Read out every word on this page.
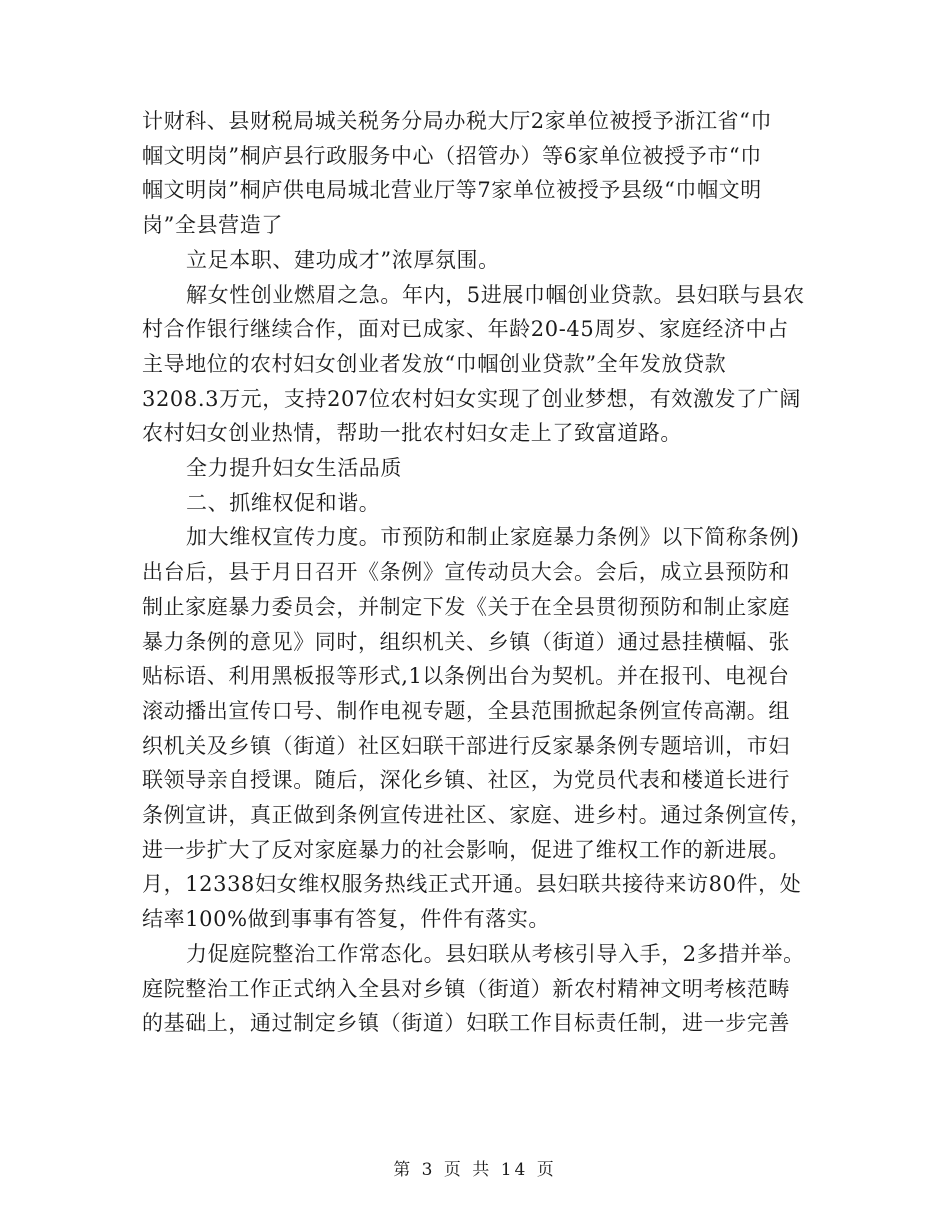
计财科、县财税局城关税务分局办税大厅2家单位被授予浙江省“巾
帼文明岗”桐庐县行政服务中心（招管办）等6家单位被授予市“巾
帼文明岗”桐庐供电局城北营业厅等7家单位被授予县级“巾帼文明
岗”全县营造了

立足本职、建功成才”浓厚氛围。

解女性创业燃眉之急。年内，5进展巾帼创业贷款。县妇联与县农
村合作银行继续合作，面对已成家、年龄20-45周岁、家庭经济中占
主导地位的农村妇女创业者发放“巾帼创业贷款”全年发放贷款
3208.3万元，支持207位农村妇女实现了创业梦想，有效激发了广阔
农村妇女创业热情，帮助一批农村妇女走上了致富道路。

全力提升妇女生活品质

二、抓维权促和谐。

加大维权宣传力度。市预防和制止家庭暴力条例》以下简称条例)
出台后，县于月日召开《条例》宣传动员大会。会后，成立县预防和
制止家庭暴力委员会，并制定下发《关于在全县贯彻预防和制止家庭
暴力条例的意见》同时，组织机关、乡镇（街道）通过悬挂横幅、张
贴标语、利用黑板报等形式,1以条例出台为契机。并在报刊、电视台
滚动播出宣传口号、制作电视专题，全县范围掀起条例宣传高潮。组
织机关及乡镇（街道）社区妇联干部进行反家暴条例专题培训，市妇
联领导亲自授课。随后，深化乡镇、社区，为党员代表和楼道长进行
条例宣讲，真正做到条例宣传进社区、家庭、进乡村。通过条例宣传，
进一步扩大了反对家庭暴力的社会影响，促进了维权工作的新进展。
月，12338妇女维权服务热线正式开通。县妇联共接待来访80件，处
结率100%做到事事有答复，件件有落实。

力促庭院整治工作常态化。县妇联从考核引导入手，2多措并举。
庭院整治工作正式纳入全县对乡镇（街道）新农村精神文明考核范畴
的基础上，通过制定乡镇（街道）妇联工作目标责任制，进一步完善

第 3 页 共 14 页
